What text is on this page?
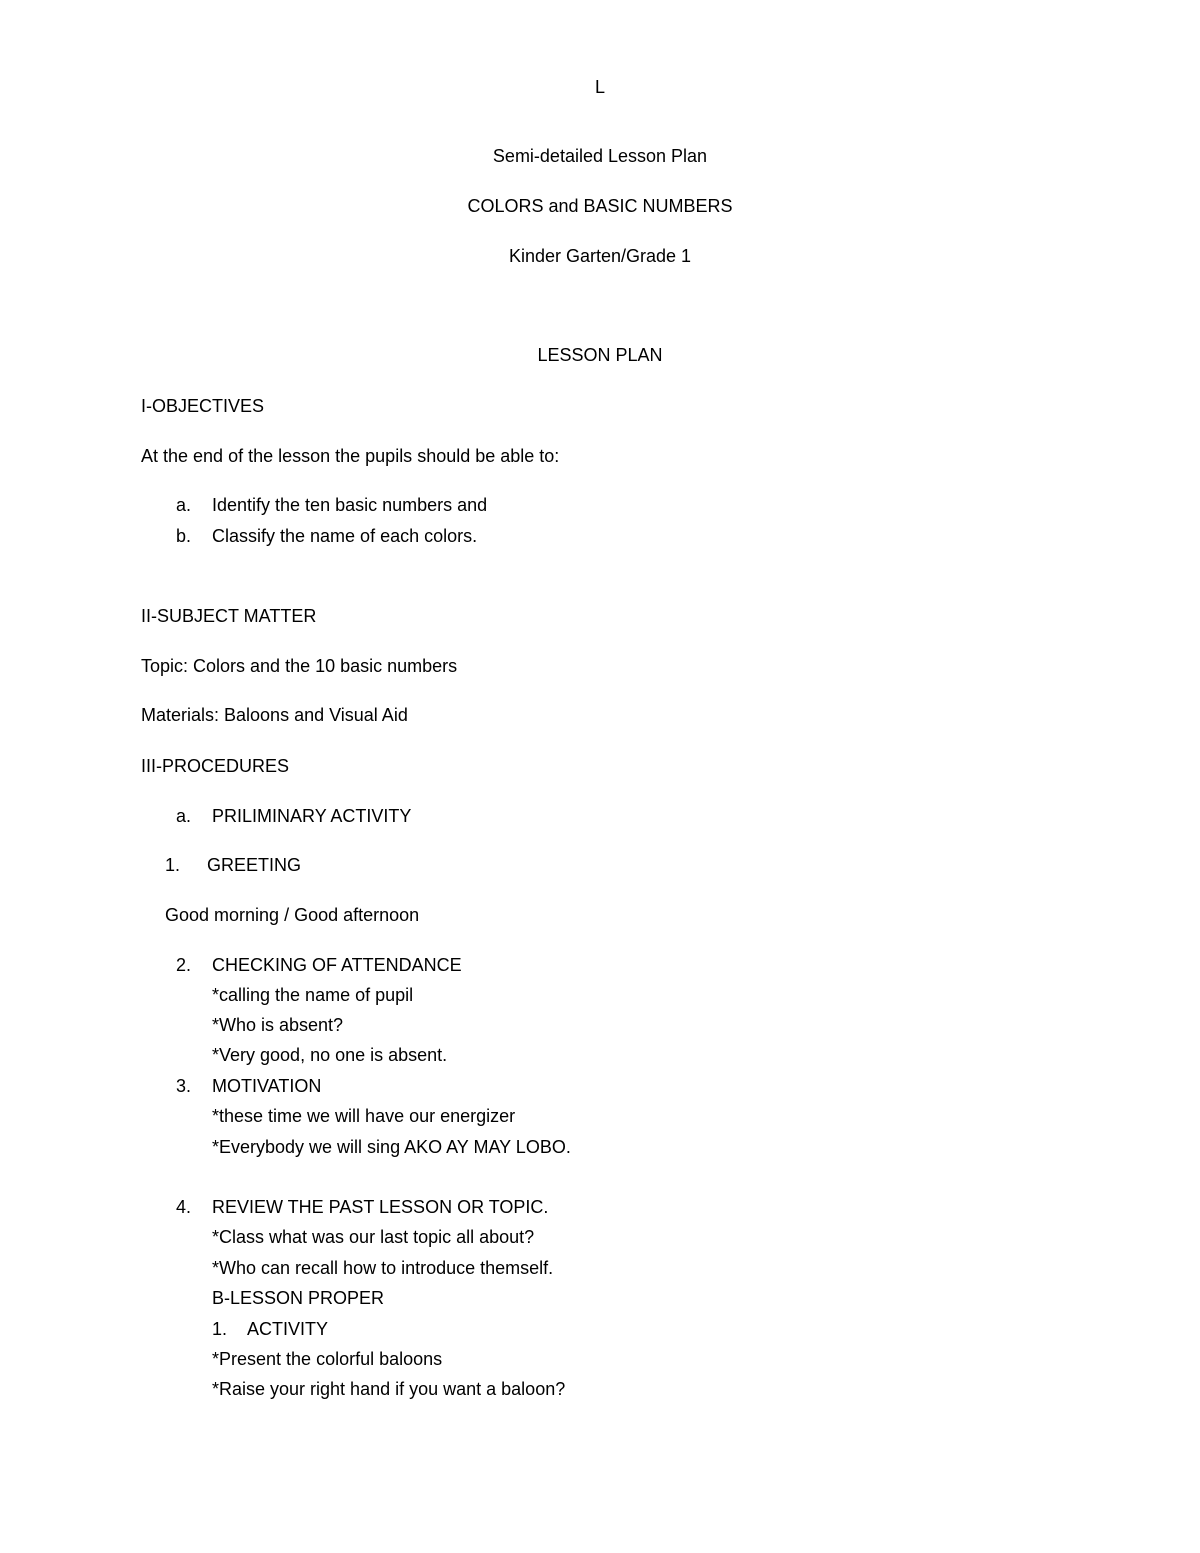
L
Semi-detailed Lesson Plan
COLORS and BASIC NUMBERS
Kinder Garten/Grade 1
LESSON PLAN
I-OBJECTIVES
At the end of the lesson the pupils should be able to:
a. Identify the ten basic numbers and
b. Classify the name of each colors.
II-SUBJECT MATTER
Topic: Colors and the 10 basic numbers
Materials: Baloons and Visual Aid
III-PROCEDURES
a. PRILIMINARY ACTIVITY
1. GREETING
Good morning / Good afternoon
2. CHECKING OF ATTENDANCE
*calling the name of pupil
*Who is absent?
*Very good, no one is absent.
3. MOTIVATION
*these time we will have our energizer
*Everybody we will sing AKO AY MAY LOBO.
4. REVIEW THE PAST LESSON OR TOPIC.
*Class what was our last topic all about?
*Who can recall how to introduce themself.
B-LESSON PROPER
1. ACTIVITY
*Present the colorful baloons
*Raise your right hand if you want a baloon?
